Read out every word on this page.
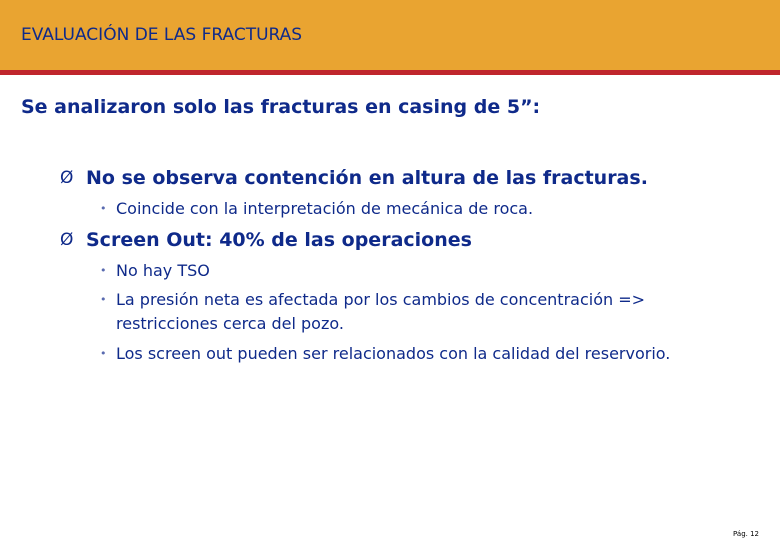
EVALUACIÓN DE LAS FRACTURAS
Se analizaron solo las fracturas en casing de 5”:
Ø No se observa contención en altura de las fracturas.
• Coincide con la interpretación de mecánica de roca.
Ø Screen Out: 40% de las operaciones
• No hay TSO
• La presión neta es afectada por los cambios de concentración => restricciones cerca del pozo.
• Los screen out pueden ser relacionados con la calidad del reservorio.
Pág. 12
